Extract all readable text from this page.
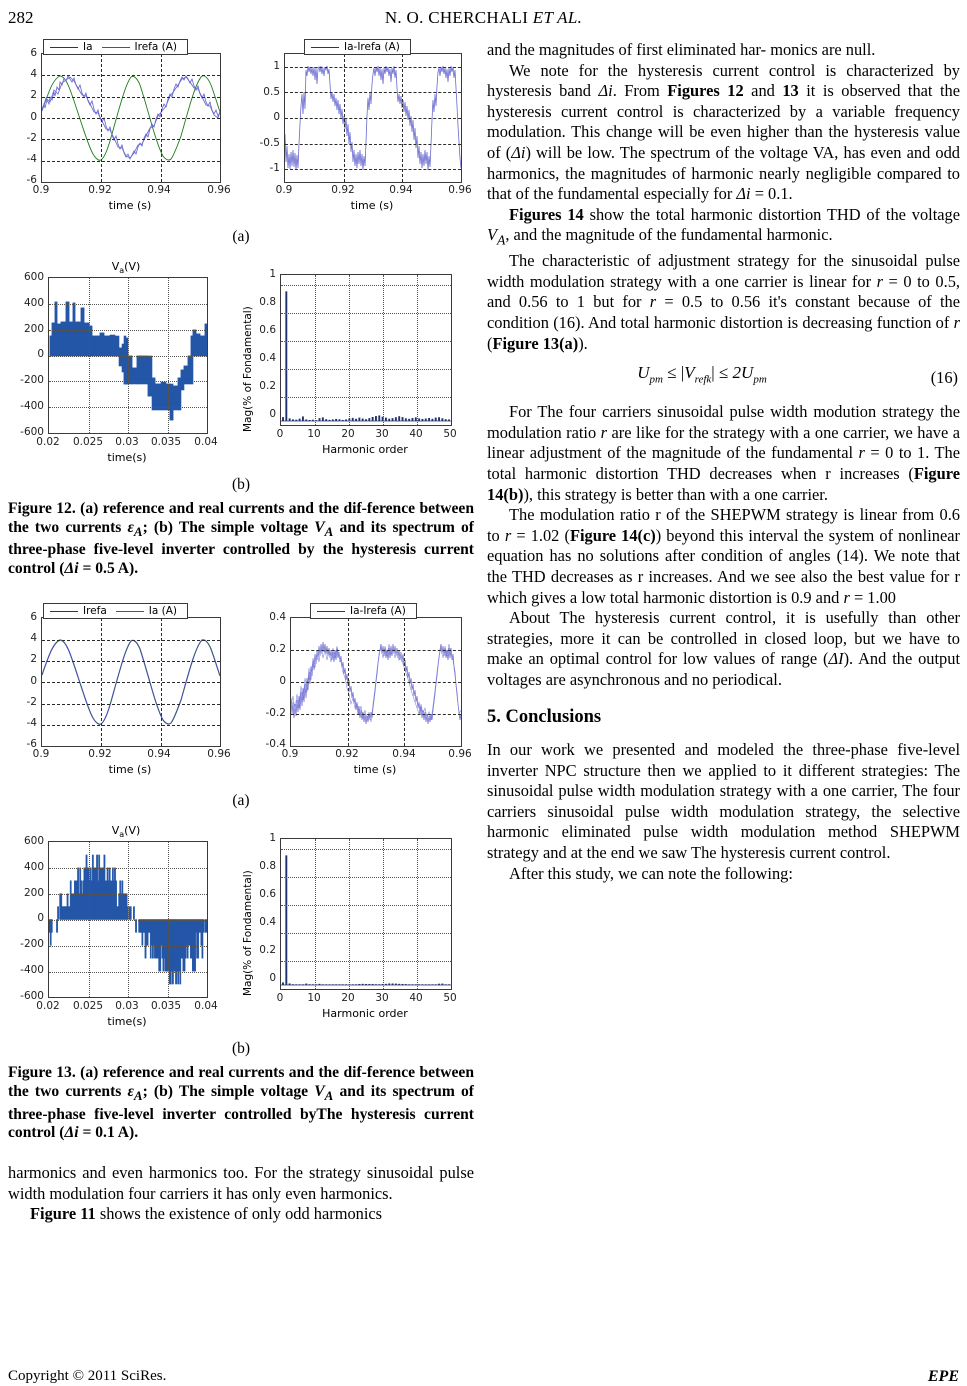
282	N. O. CHERCHALI ET AL.
Ia	Irefa (A)
6
4
2
0
-2
-4
-6
0.9	0.92	0.94	0.96
time (s)
Ia-Irefa (A)
1
0.5
0
-0.5
-1
0.9	0.92	0.94	0.96
time (s)
(a)
$V_a(V)$
600
400
200
0
-200
-400
-600
0.02	0.025	0.03	0.035	0.04
time(s)
Mag(% of Fondamental)
1
0.8
0.6
0.4
0.2
0
0	10	20	30	40	50
Harmonic order
(b)
Figure 12. (a) reference and real currents and the dif-ference between the two currents $\varepsilon_A$; (b) The simple voltage $V_A$ and its spectrum of three-phase five-level inverter controlled by the hysteresis current control (Δi = 0.5 A).
Irefa	Ia (A)
6
4
2
0
-2
-4
-6
0.9	0.92	0.94	0.96
time (s)
Ia-Irefa (A)
0.4
0.2
0
-0.2
-0.4
0.9	0.92	0.94	0.96
time (s)
(a)
$V_a(V)$
600
400
200
0
-200
-400
-600
0.02	0.025	0.03	0.035	0.04
time(s)
Mag(% of Fondamental)
1
0.8
0.6
0.4
0.2
0
0	10	20	30	40	50
Harmonic order
(b)
Figure 13. (a) reference and real currents and the dif-ference between the two currents $\varepsilon_A$; (b) The simple voltage $V_A$ and its spectrum of three-phase five-level inverter controlled byThe hysteresis current control (Δi = 0.1 A).

harmonics and even harmonics too. For the strategy sinusoidal pulse width modulation four carriers it has only even harmonics.

Figure 11 shows the existence of only odd harmonics

and the magnitudes of first eliminated har- monics are null.

We note for the hysteresis current control is characterized by hysteresis band Δi. From Figures 12 and 13 it is observed that the hysteresis current control is characterized by a variable frequency modulation. This change will be even higher than the hysteresis value of (Δi) will be low. The spectrum of the voltage VA, has even and odd harmonics, the magnitudes of harmonic nearly negligible compared to that of the fundamental especially for Δi = 0.1.

Figures 14 show the total harmonic distortion THD of the voltage $V_A$, and the magnitude of the fundamental harmonic.

The characteristic of adjustment strategy for the sinusoidal pulse width modulation strategy with a one carrier is linear for r = 0 to 0.5, and 0.56 to 1 but for r = 0.5 to 0.56 it's constant because of the condition (16). And total harmonic distortion is decreasing function of r (Figure 13(a)).

$U_{pm} \le |V_{refk}| \le 2U_{pm}$	(16)

For The four carriers sinusoidal pulse width modution strategy the modulation ratio r are like for the strategy with a one carrier, we have a linear adjustment of the magnitude of the fundamental r = 0 to 1. The total harmonic distortion THD decreases when r increases (Figure 14(b)), this strategy is better than with a one carrier.

The modulation ratio r of the SHEPWM strategy is linear from 0.6 to r = 1.02 (Figure 14(c)) beyond this interval the system of nonlinear equation has no solutions after condition of angles (14). We note that the THD decreases as r increases. And we see also the best value for r which gives a low total harmonic distortion is 0.9 and r = 1.00

About The hysteresis current control, it is usefully than other strategies, more it can be controlled in closed loop, but we have to make an optimal control for low values of range (ΔI). And the output voltages are asynchronous and no periodical.

5. Conclusions

In our work we presented and modeled the three-phase five-level inverter NPC structure then we applied to it different strategies: The sinusoidal pulse width modulation strategy with a one carrier, The four carriers sinusoidal pulse width modulation strategy, the selective harmonic eliminated pulse width modulation method SHEPWM strategy and at the end we saw The hysteresis current control.

After this study, we can note the following:

Copyright © 2011 SciRes.	EPE
